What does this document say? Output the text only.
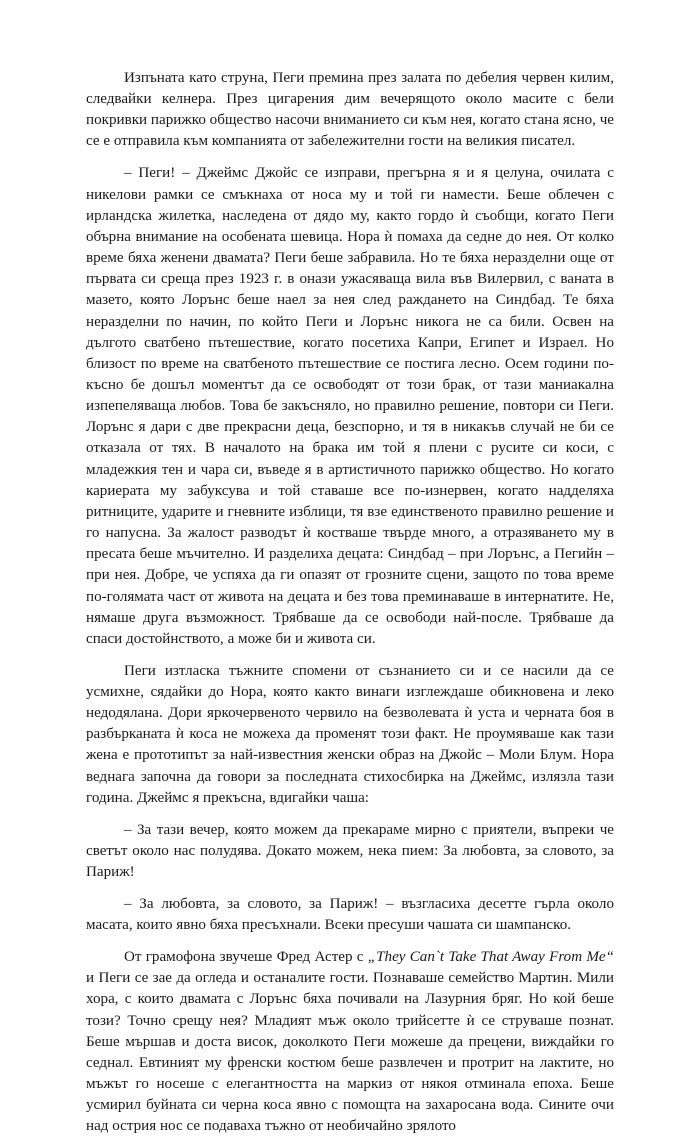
Изпъната като струна, Пеги премина през залата по дебелия червен килим, следвайки келнера. През цигарения дим вечерящото около масите с бели покривки парижко общество насочи вниманието си към нея, когато стана ясно, че се е отправила към компанията от забележителни гости на великия писател.

– Пеги! – Джеймс Джойс се изправи, прегърна я и я целуна, очилата с никелови рамки се смъкнаха от носа му и той ги намести. Беше облечен с ирландска жилетка, наследена от дядо му, както гордо ѝ съобщи, когато Пеги обърна внимание на особената шевица. Нора ѝ помаха да седне до нея. От колко време бяха женени двамата? Пеги беше забравила. Но те бяха неразделни още от първата си среща през 1923 г. в онази ужасяваща вила във Вилервил, с ваната в мазето, която Лорънс беше наел за нея след раждането на Синдбад. Те бяха неразделни по начин, по който Пеги и Лорънс никога не са били. Освен на дългото сватбено пътешествие, когато посетиха Капри, Египет и Израел. Но близост по време на сватбеното пътешествие се постига лесно. Осем години по-късно бе дошъл моментът да се освободят от този брак, от тази маниакална изпепеляваща любов. Това бе закъсняло, но правилно решение, повтори си Пеги. Лорънс я дари с две прекрасни деца, безспорно, и тя в никакъв случай не би се отказала от тях. В началото на брака им той я плени с русите си коси, с младежкия тен и чара си, въведе я в артистичното парижко общество. Но когато кариерата му забуксува и той ставаше все по-изнервен, когато надделяха ритниците, ударите и гневните изблици, тя взе единственото правилно решение и го напусна. За жалост разводът ѝ костваше твърде много, а отразяването му в пресата беше мъчително. И разделиха децата: Синдбад – при Лорънс, а Пегийн – при нея. Добре, че успяха да ги опазят от грозните сцени, защото по това време по-голямата част от живота на децата и без това преминаваше в интернатите. Не, нямаше друга възможност. Трябваше да се освободи най-после. Трябваше да спаси достойнството, а може би и живота си.

Пеги изтласка тъжните спомени от съзнанието си и се насили да се усмихне, сядайки до Нора, която както винаги изглеждаше обикновена и леко недодялана. Дори яркочервеното червило на безволевата ѝ уста и черната боя в разбърканата ѝ коса не можеха да променят този факт. Не проумяваше как тази жена е прототипът за най-известния женски образ на Джойс – Моли Блум. Нора веднага започна да говори за последната стихосбирка на Джеймс, излязла тази година. Джеймс я прекъсна, вдигайки чаша:

– За тази вечер, която можем да прекараме мирно с приятели, въпреки че светът около нас полудява. Докато можем, нека пием: За любовта, за словото, за Париж!

– За любовта, за словото, за Париж! – възгласиха десетте гърла около масата, които явно бяха пресъхнали. Всеки пресуши чашата си шампанско.

От грамофона звучеше Фред Астер с „They Can`t Take That Away From Me“ и Пеги се зае да огледа и останалите гости. Познаваше семейство Мартин. Мили хора, с които двамата с Лорънс бяха почивали на Лазурния бряг. Но кой беше този? Точно срещу нея? Младият мъж около трийсетте ѝ се струваше познат. Беше мършав и доста висок, доколкото Пеги можеше да прецени, виждайки го седнал. Евтиният му френски костюм беше развлечен и протрит на лактите, но мъжът го носеше с елегантността на маркиз от някоя отминала епоха. Беше усмирил буйната си черна коса явно с помощта на захаросана вода. Сините очи над острия нос се подаваха тъжно от необичайно зрялото
